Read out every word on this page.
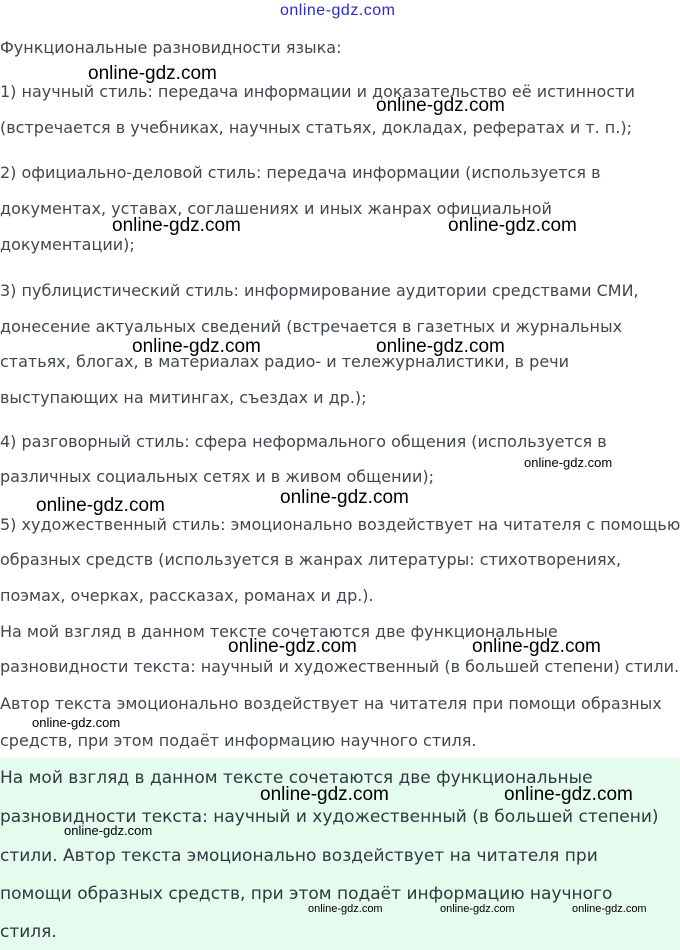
online-gdz.com
Функциональные разновидности языка:
1) научный стиль: передача информации и доказательство её истинности
(встречается в учебниках, научных статьях, докладах, рефератах и т. п.);
2) официально-деловой стиль: передача информации (используется в
документах, уставах, соглашениях и иных жанрах официальной
документации);
3) публицистический стиль: информирование аудитории средствами СМИ,
донесение актуальных сведений (встречается в газетных и журнальных
статьях, блогах, в материалах радио- и тележурналистики, в речи
выступающих на митингах, съездах и др.);
4) разговорный стиль: сфера неформального общения (используется в
различных социальных сетях и в живом общении);
5) художественный стиль: эмоционально воздействует на читателя с помощью
образных средств (используется в жанрах литературы: стихотворениях,
поэмах, очерках, рассказах, романах и др.).
На мой взгляд в данном тексте сочетаются две функциональные
разновидности текста: научный и художественный (в большей степени) стили.
Автор текста эмоционально воздействует на читателя при помощи образных
средств, при этом подаёт информацию научного стиля.
На мой взгляд в данном тексте сочетаются две функциональные
разновидности текста: научный и художественный (в большей степени)
стили. Автор текста эмоционально воздействует на читателя при
помощи образных средств, при этом подаёт информацию научного
стиля.
online-gdz.com
online-gdz.com
online-gdz.com	online-gdz.com
online-gdz.com	online-gdz.com
online-gdz.com
online-gdz.com
online-gdz.com
online-gdz.com	online-gdz.com
online-gdz.com
online-gdz.com	online-gdz.com
online-gdz.com
online-gdz.com	online-gdz.com	online-gdz.com
